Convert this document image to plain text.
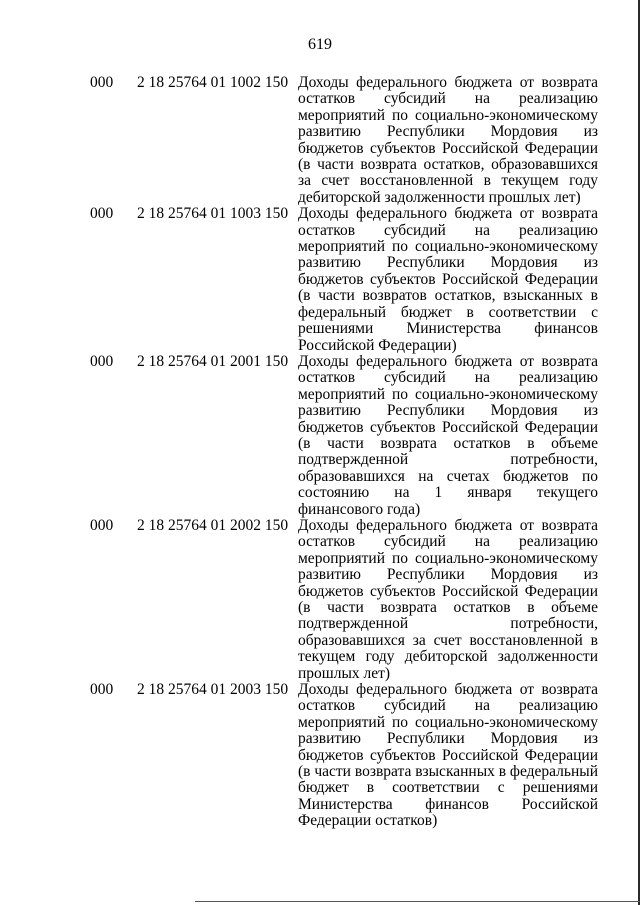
619
000	2 18 25764 01 1002 150 Доходы федерального бюджета от возврата остатков субсидий на реализацию мероприятий по социально-экономическому развитию Республики Мордовия из бюджетов субъектов Российской Федерации (в части возврата остатков, образовавшихся за счет восстановленной в текущем году дебиторской задолженности прошлых лет)
000	2 18 25764 01 1003 150 Доходы федерального бюджета от возврата остатков субсидий на реализацию мероприятий по социально-экономическому развитию Республики Мордовия из бюджетов субъектов Российской Федерации (в части возвратов остатков, взысканных в федеральный бюджет в соответствии с решениями Министерства финансов Российской Федерации)
000	2 18 25764 01 2001 150 Доходы федерального бюджета от возврата остатков субсидий на реализацию мероприятий по социально-экономическому развитию Республики Мордовия из бюджетов субъектов Российской Федерации (в части возврата остатков в объеме подтвержденной потребности, образовавшихся на счетах бюджетов по состоянию на 1 января текущего финансового года)
000	2 18 25764 01 2002 150 Доходы федерального бюджета от возврата остатков субсидий на реализацию мероприятий по социально-экономическому развитию Республики Мордовия из бюджетов субъектов Российской Федерации (в части возврата остатков в объеме подтвержденной потребности, образовавшихся за счет восстановленной в текущем году дебиторской задолженности прошлых лет)
000	2 18 25764 01 2003 150 Доходы федерального бюджета от возврата остатков субсидий на реализацию мероприятий по социально-экономическому развитию Республики Мордовия из бюджетов субъектов Российской Федерации (в части возврата взысканных в федеральный бюджет в соответствии с решениями Министерства финансов Российской Федерации остатков)
